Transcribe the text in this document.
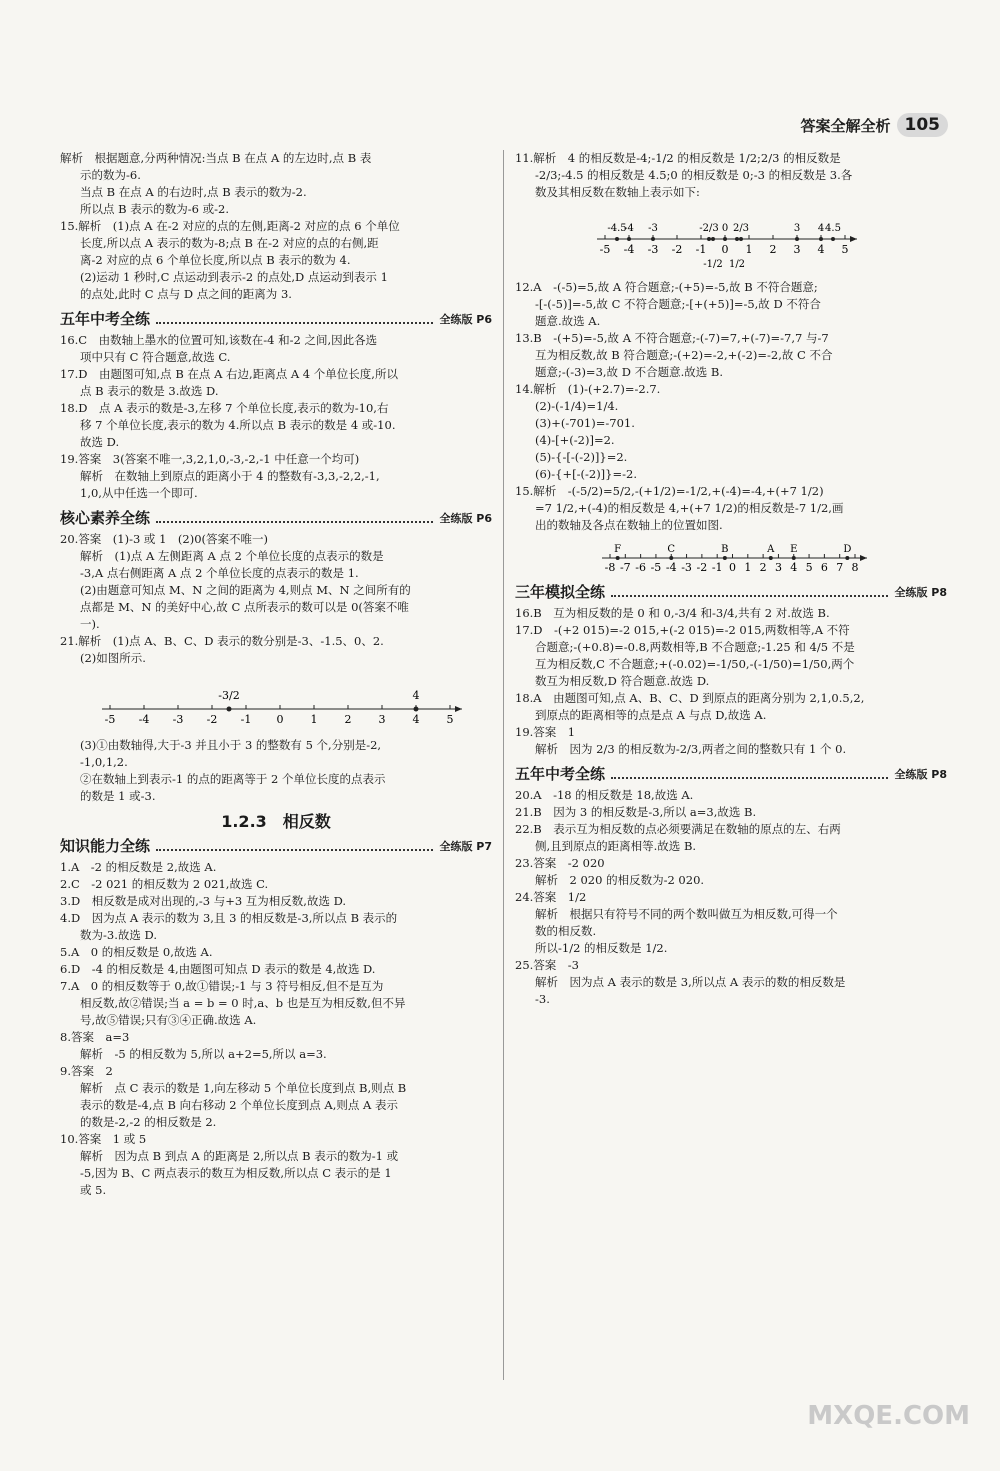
答案全解全析 105
解析　根据题意,分两种情况:当点 B 在点 A 的左边时,点 B 表
示的数为-6.
当点 B 在点 A 的右边时,点 B 表示的数为-2.
所以点 B 表示的数为-6 或-2.
15.解析　(1)点 A 在-2 对应的点的左侧,距离-2 对应的点 6 个单位
长度,所以点 A 表示的数为-8;点 B 在-2 对应的点的右侧,距
离-2 对应的点 6 个单位长度,所以点 B 表示的数为 4.
(2)运动 1 秒时,C 点运动到表示-2 的点处,D 点运动到表示 1
的点处,此时 C 点与 D 点之间的距离为 3.
五年中考全练	全练版 P6
16.C　由数轴上墨水的位置可知,该数在-4 和-2 之间,因此各选
项中只有 C 符合题意,故选 C.
17.D　由题图可知,点 B 在点 A 右边,距离点 A 4 个单位长度,所以
点 B 表示的数是 3.故选 D.
18.D　点 A 表示的数是-3,左移 7 个单位长度,表示的数为-10,右
移 7 个单位长度,表示的数为 4.所以点 B 表示的数是 4 或-10.
故选 D.
19.答案　3(答案不唯一,3,2,1,0,-3,-2,-1 中任意一个均可)
解析　在数轴上到原点的距离小于 4 的整数有-3,3,-2,2,-1,
1,0,从中任选一个即可.
核心素养全练	全练版 P6
20.答案　(1)-3 或 1　(2)0(答案不唯一)
解析　(1)点 A 左侧距离 A 点 2 个单位长度的点表示的数是
-3,A 点右侧距离 A 点 2 个单位长度的点表示的数是 1.
(2)由题意可知点 M、N 之间的距离为 4,则点 M、N 之间所有的
点都是 M、N 的美好中心,故 C 点所表示的数可以是 0(答案不唯
一).
21.解析　(1)点 A、B、C、D 表示的数分别是-3、-1.5、0、2.
(2)如图所示.
-5 -4 -3 -2 -1 0 1 2 3 4 5
-3/2	4
(3)①由数轴得,大于-3 并且小于 3 的整数有 5 个,分别是-2,
-1,0,1,2.
②在数轴上到表示-1 的点的距离等于 2 个单位长度的点表示
的数是 1 或-3.
1.2.3　相反数
知识能力全练	全练版 P7
1.A　-2 的相反数是 2,故选 A.
2.C　-2 021 的相反数为 2 021,故选 C.
3.D　相反数是成对出现的,-3 与+3 互为相反数,故选 D.
4.D　因为点 A 表示的数为 3,且 3 的相反数是-3,所以点 B 表示的
数为-3.故选 D.
5.A　0 的相反数是 0,故选 A.
6.D　-4 的相反数是 4,由题图可知点 D 表示的数是 4,故选 D.
7.A　0 的相反数等于 0,故①错误;-1 与 3 符号相反,但不是互为
相反数,故②错误;当 a = b = 0 时,a、b 也是互为相反数,但不异
号,故⑤错误;只有③④正确.故选 A.
8.答案　a=3
解析　-5 的相反数为 5,所以 a+2=5,所以 a=3.
9.答案　2
解析　点 C 表示的数是 1,向左移动 5 个单位长度到点 B,则点 B
表示的数是-4,点 B 向右移动 2 个单位长度到点 A,则点 A 表示
的数是-2,-2 的相反数是 2.
10.答案　1 或 5
解析　因为点 B 到点 A 的距离是 2,所以点 B 表示的数为-1 或
-5,因为 B、C 两点表示的数互为相反数,所以点 C 表示的是 1
或 5.
11.解析　4 的相反数是-4;-1/2 的相反数是 1/2;2/3 的相反数是
-2/3;-4.5 的相反数是 4.5;0 的相反数是 0;-3 的相反数是 3.各
数及其相反数在数轴上表示如下:
-5 -4 -3 -2 -1 0 1 2 3 4 5
-4.5
-4 -3	-2/3 0 2/3	3 4 4.5
-1/2 1/2
12.A　-(-5)=5,故 A 符合题意;-(+5)=-5,故 B 不符合题意;
-[-(-5)]=-5,故 C 不符合题意;-[+(+5)]=-5,故 D 不符合
题意.故选 A.
13.B　-(+5)=-5,故 A 不符合题意;-(-7)=7,+(-7)=-7,7 与-7
互为相反数,故 B 符合题意;-(+2)=-2,+(-2)=-2,故 C 不合
题意;-(-3)=3,故 D 不合题意.故选 B.
14.解析　(1)-(+2.7)=-2.7.
(2)-(-1/4)=1/4.
(3)+(-701)=-701.
(4)-[+(-2)]=2.
(5)-{-[-(-2)]}=2.
(6)-{+[-(-2)]}=-2.
15.解析　-(-5/2)=5/2,-(+1/2)=-1/2,+(-4)=-4,+(+7 1/2)
=7 1/2,+(-4)的相反数是 4,+(+7 1/2)的相反数是-7 1/2,画
出的数轴及各点在数轴上的位置如图.
-8 -7 -6 -5 -4 -3 -2 -1 0 1 2 3 4 5 6 7 8
F	C	B	A E	D
三年模拟全练	全练版 P8
16.B　互为相反数的是 0 和 0,-3/4 和-3/4,共有 2 对.故选 B.
17.D　-(+2 015)=-2 015,+(-2 015)=-2 015,两数相等,A 不符
合题意;-(+0.8)=-0.8,两数相等,B 不合题意;-1.25 和 4/5 不是
互为相反数,C 不合题意;+(-0.02)=-1/50,-(-1/50)=1/50,两个
数互为相反数,D 符合题意.故选 D.
18.A　由题图可知,点 A、B、C、D 到原点的距离分别为 2,1,0.5,2,
到原点的距离相等的点是点 A 与点 D,故选 A.
19.答案　1
解析　因为 2/3 的相反数为-2/3,两者之间的整数只有 1 个 0.
五年中考全练	全练版 P8
20.A　-18 的相反数是 18,故选 A.
21.B　因为 3 的相反数是-3,所以 a=3,故选 B.
22.B　表示互为相反数的点必须要满足在数轴的原点的左、右两
侧,且到原点的距离相等.故选 B.
23.答案　-2 020
解析　2 020 的相反数为-2 020.
24.答案　1/2
解析　根据只有符号不同的两个数叫做互为相反数,可得一个
数的相反数.
所以-1/2 的相反数是 1/2.
25.答案　-3
解析　因为点 A 表示的数是 3,所以点 A 表示的数的相反数是
-3.
MXQE.COM
